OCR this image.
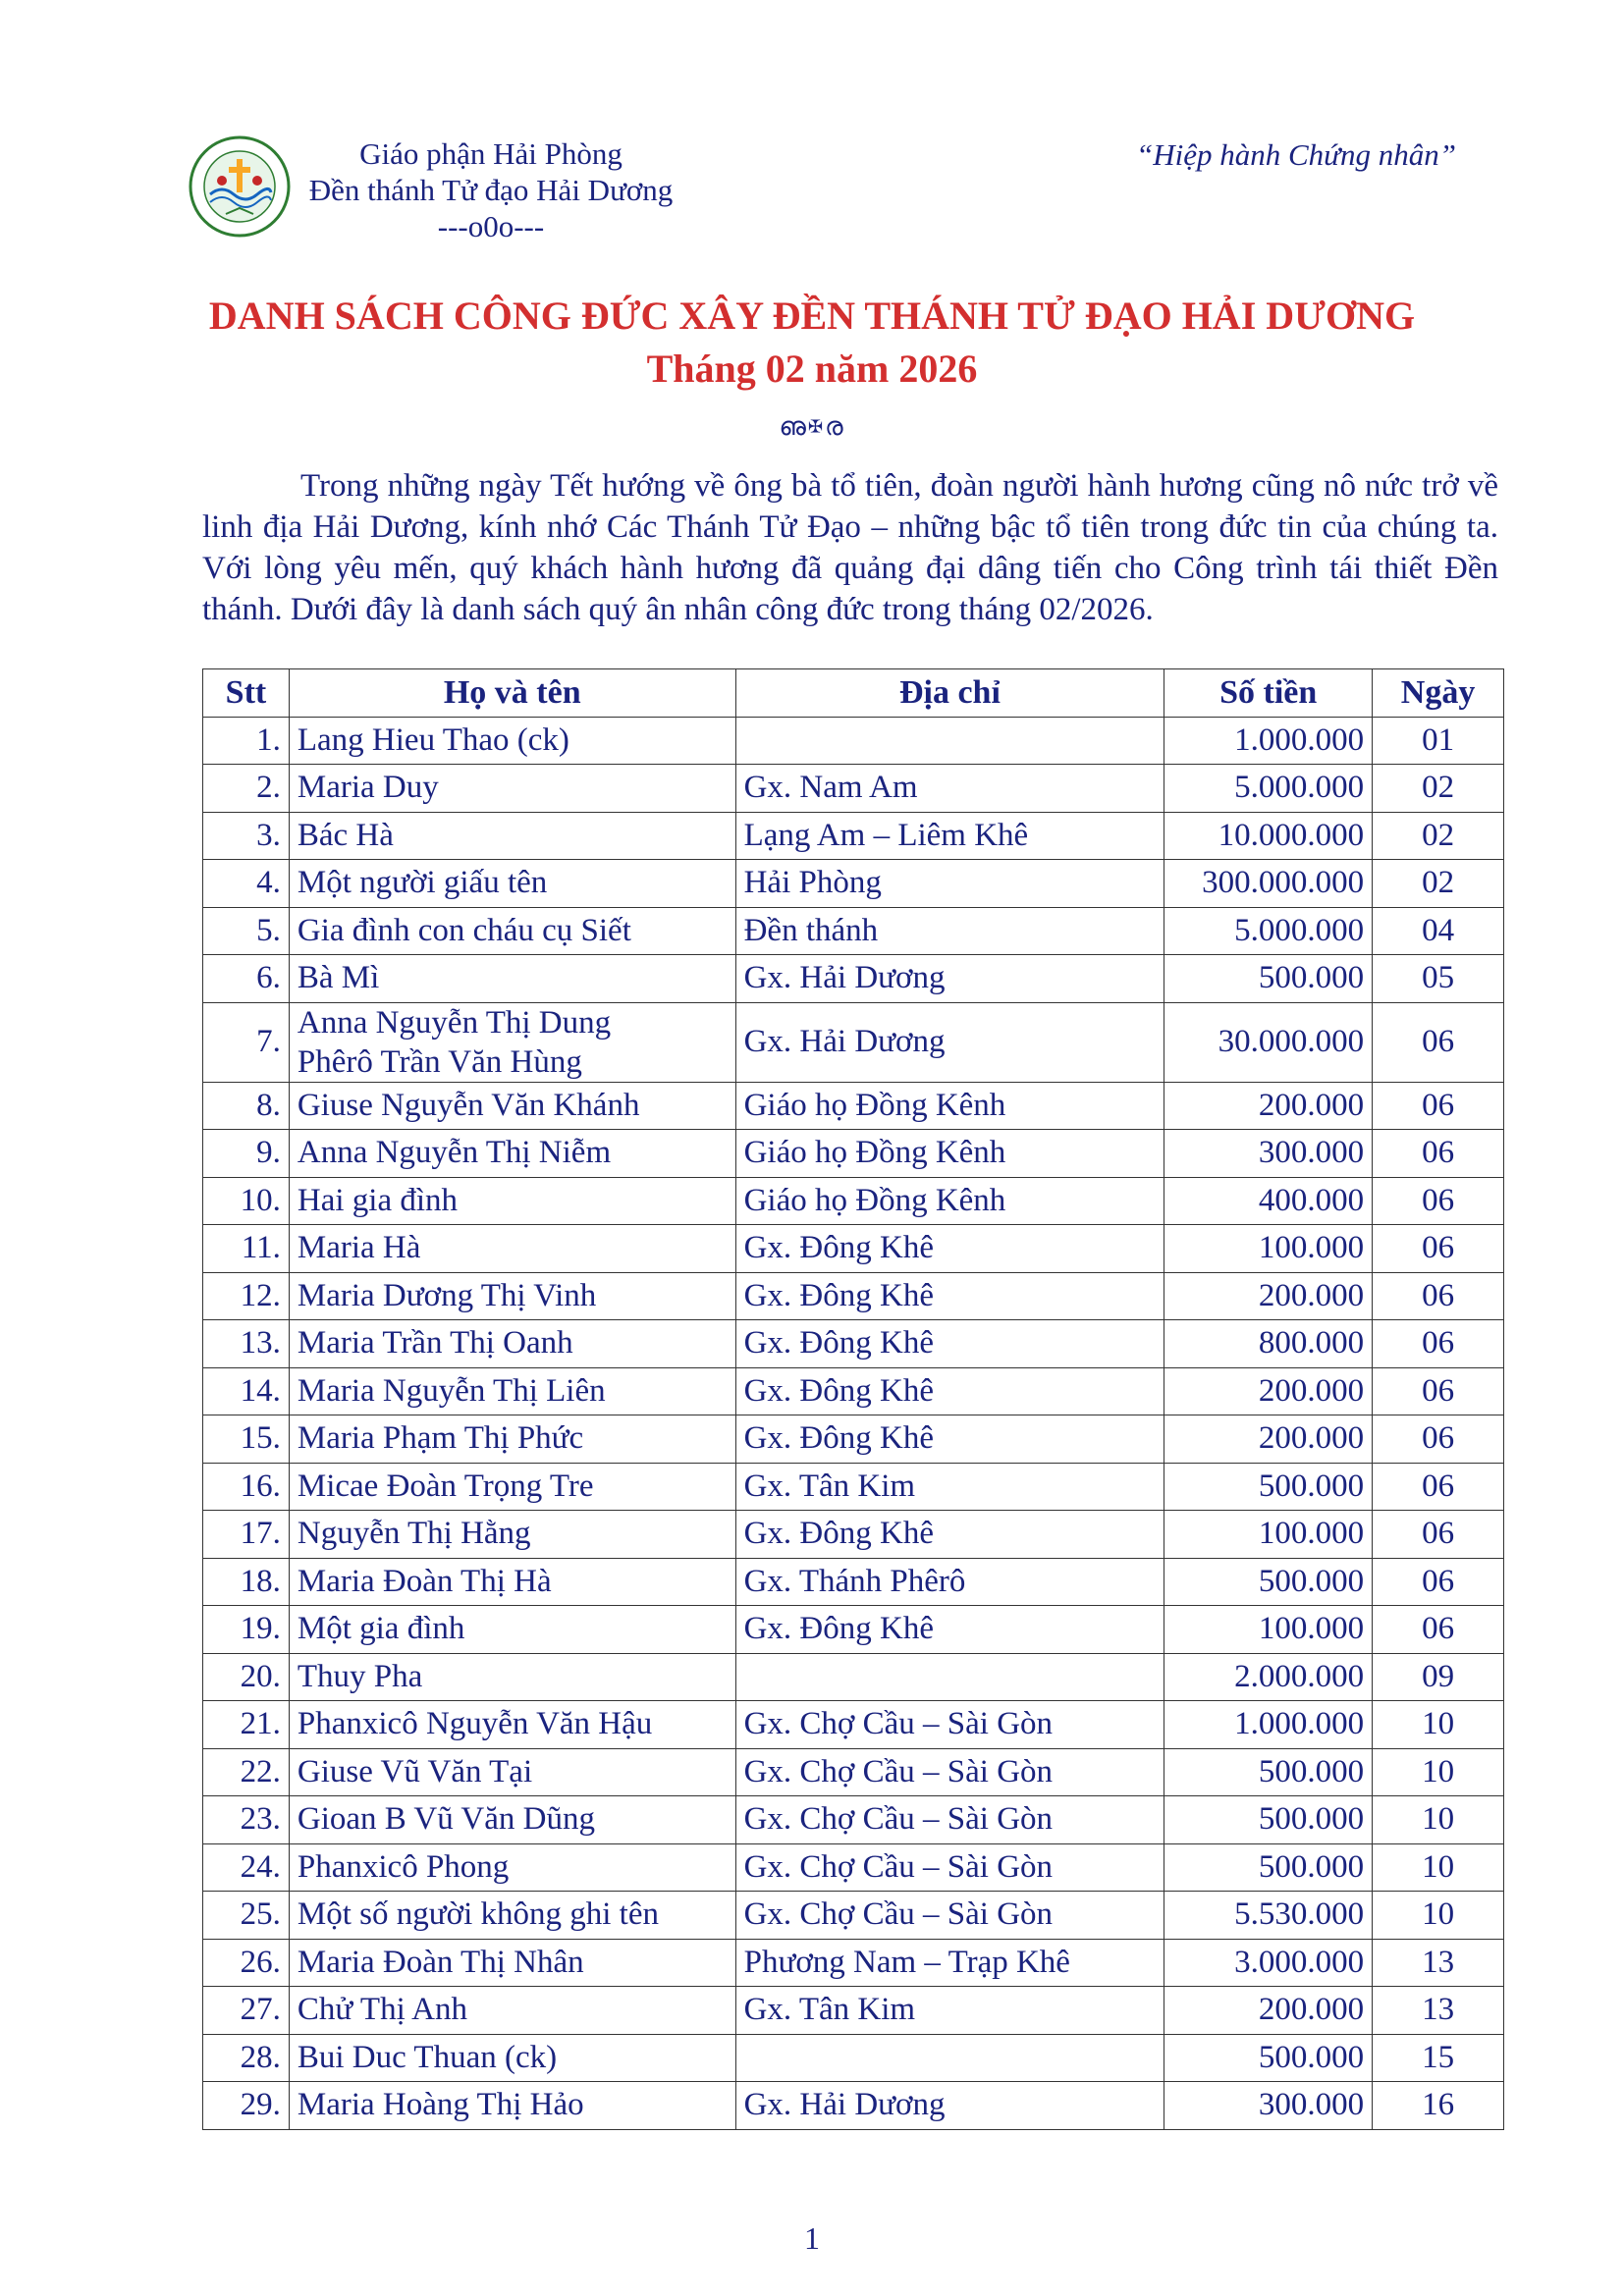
Giáo phận Hải Phòng
Đền thánh Tử đạo Hải Dương
---o0o---
“Hiệp hành Chứng nhân”
DANH SÁCH CÔNG ĐỨC XÂY ĐỀN THÁNH TỬ ĐẠO HẢI DƯƠNG
Tháng 02 năm 2026
ഌ✠ര
Trong những ngày Tết hướng về ông bà tổ tiên, đoàn người hành hương cũng nô nức trở về linh địa Hải Dương, kính nhớ Các Thánh Tử Đạo – những bậc tổ tiên trong đức tin của chúng ta. Với lòng yêu mến, quý khách hành hương đã quảng đại dâng tiến cho Công trình tái thiết Đền thánh. Dưới đây là danh sách quý ân nhân công đức trong tháng 02/2026.
Stt	Họ và tên	Địa chỉ	Số tiền	Ngày
1.	Lang Hieu Thao (ck)		1.000.000	01
2.	Maria Duy	Gx. Nam Am	5.000.000	02
3.	Bác Hà	Lạng Am – Liêm Khê	10.000.000	02
4.	Một người giấu tên	Hải Phòng	300.000.000	02
5.	Gia đình con cháu cụ Siết	Đền thánh	5.000.000	04
6.	Bà Mì	Gx. Hải Dương	500.000	05
7.	Anna Nguyễn Thị Dung
Phêrô Trần Văn Hùng	Gx. Hải Dương	30.000.000	06
8.	Giuse Nguyễn Văn Khánh	Giáo họ Đồng Kênh	200.000	06
9.	Anna Nguyễn Thị Niễm	Giáo họ Đồng Kênh	300.000	06
10.	Hai gia đình	Giáo họ Đồng Kênh	400.000	06
11.	Maria Hà	Gx. Đông Khê	100.000	06
12.	Maria Dương Thị Vinh	Gx. Đông Khê	200.000	06
13.	Maria Trần Thị Oanh	Gx. Đông Khê	800.000	06
14.	Maria Nguyễn Thị Liên	Gx. Đông Khê	200.000	06
15.	Maria Phạm Thị Phức	Gx. Đông Khê	200.000	06
16.	Micae Đoàn Trọng Tre	Gx. Tân Kim	500.000	06
17.	Nguyễn Thị Hằng	Gx. Đông Khê	100.000	06
18.	Maria Đoàn Thị Hà	Gx. Thánh Phêrô	500.000	06
19.	Một gia đình	Gx. Đông Khê	100.000	06
20.	Thuy Pha		2.000.000	09
21.	Phanxicô Nguyễn Văn Hậu	Gx. Chợ Cầu – Sài Gòn	1.000.000	10
22.	Giuse Vũ Văn Tại	Gx. Chợ Cầu – Sài Gòn	500.000	10
23.	Gioan B Vũ Văn Dũng	Gx. Chợ Cầu – Sài Gòn	500.000	10
24.	Phanxicô Phong	Gx. Chợ Cầu – Sài Gòn	500.000	10
25.	Một số người không ghi tên	Gx. Chợ Cầu – Sài Gòn	5.530.000	10
26.	Maria Đoàn Thị Nhân	Phương Nam – Trạp Khê	3.000.000	13
27.	Chử Thị Anh	Gx. Tân Kim	200.000	13
28.	Bui Duc Thuan (ck)		500.000	15
29.	Maria Hoàng Thị Hảo	Gx. Hải Dương	300.000	16
1
